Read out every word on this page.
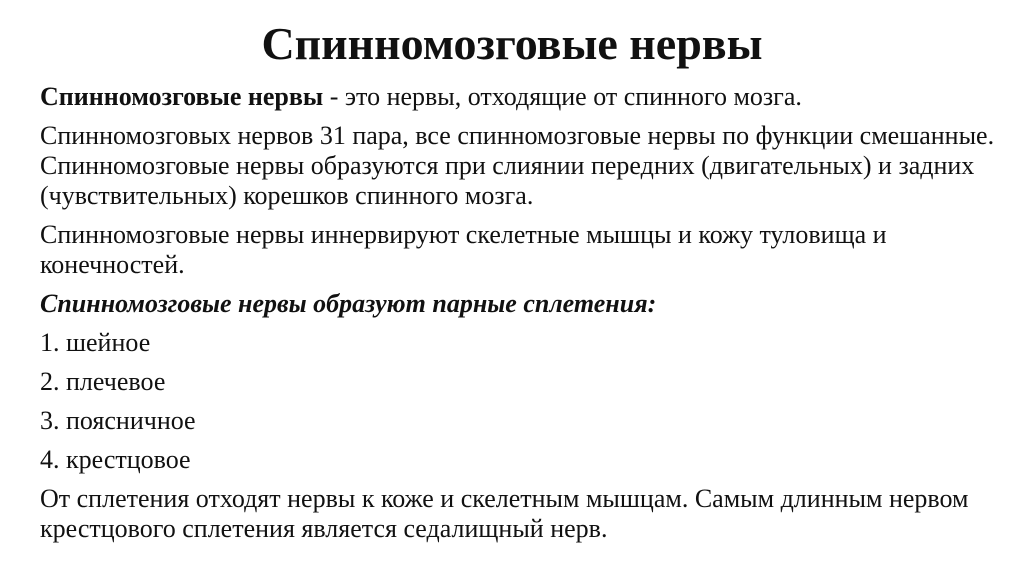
Спинномозговые нервы

Спинномозговые нервы - это нервы, отходящие от спинного мозга.

Спинномозговых нервов 31 пара, все спинномозговые нервы по функции смешанные. Спинномозговые нервы образуются при слиянии передних (двигательных) и задних (чувствительных) корешков спинного мозга.

Спинномозговые нервы иннервируют скелетные мышцы и кожу туловища и конечностей.

Спинномозговые нервы образуют парные сплетения:

1. шейное

2. плечевое

3. поясничное

4. крестцовое

От сплетения отходят нервы к коже и скелетным мышцам. Самым длинным нервом крестцового сплетения является седалищный нерв.
